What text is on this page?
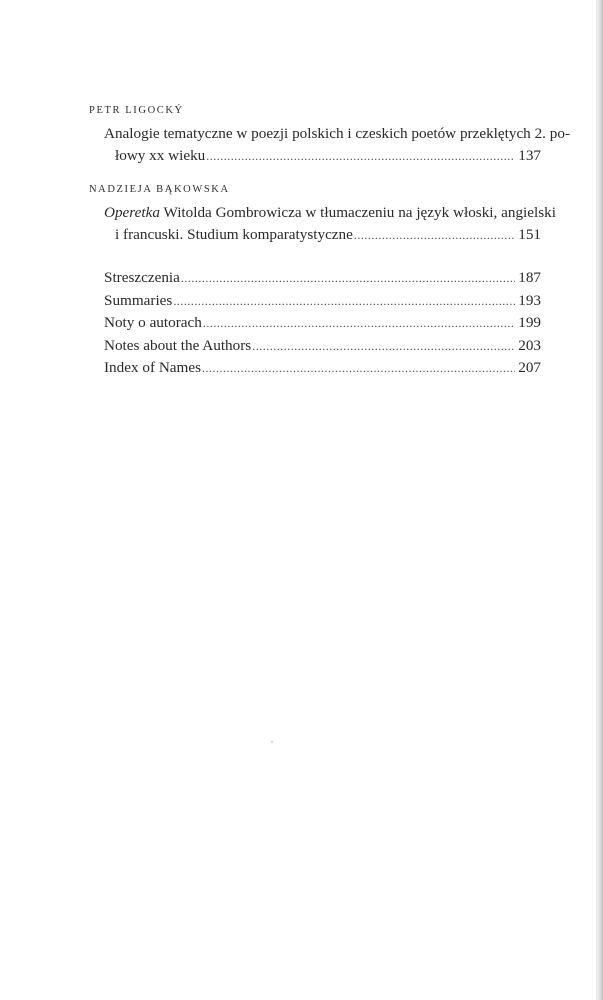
PETR LIGOCKÝ
Analogie tematyczne w poezji polskich i czeskich poetów przeklętych 2. po-
łowy xx wieku .....	137
NADZIEJA BĄKOWSKA
Operetka Witolda Gombrowicza w tłumaczeniu na język włoski, angielski
i francuski. Studium komparatystyczne .....	151
Streszczenia .....	187
Summaries .....	193
Noty o autorach .....	199
Notes about the Authors .....	203
Index of Names .....	207
